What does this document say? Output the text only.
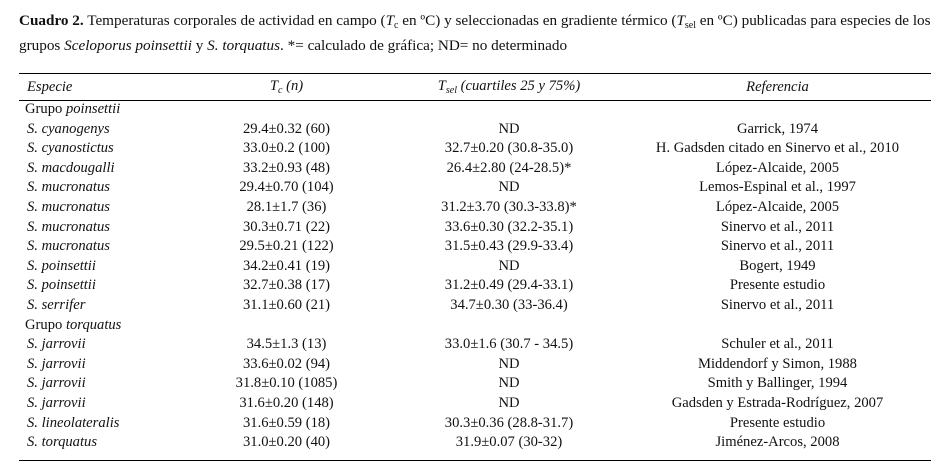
Cuadro 2. Temperaturas corporales de actividad en campo ($T_c$ en ºC) y seleccionadas en gradiente térmico ($T_{sel}$ en ºC) publicadas para especies de los grupos Sceloporus poinsettii y S. torquatus. *= calculado de gráfica; ND= no determinado
Especie	$T_c$ (n)	$T_{sel}$ (cuartiles 25 y 75%)	Referencia
Grupo poinsettii			
S. cyanogenys	29.4±0.32 (60)	ND	Garrick, 1974
S. cyanostictus	33.0±0.2 (100)	32.7±0.20 (30.8-35.0)	H. Gadsden citado en Sinervo et al., 2010
S. macdougalli	33.2±0.93 (48)	26.4±2.80 (24-28.5)*	López-Alcaide, 2005
S. mucronatus	29.4±0.70 (104)	ND	Lemos-Espinal et al., 1997
S. mucronatus	28.1±1.7 (36)	31.2±3.70 (30.3-33.8)*	López-Alcaide, 2005
S. mucronatus	30.3±0.71 (22)	33.6±0.30 (32.2-35.1)	Sinervo et al., 2011
S. mucronatus	29.5±0.21 (122)	31.5±0.43 (29.9-33.4)	Sinervo et al., 2011
S. poinsettii	34.2±0.41 (19)	ND	Bogert, 1949
S. poinsettii	32.7±0.38 (17)	31.2±0.49 (29.4-33.1)	Presente estudio
S. serrifer	31.1±0.60 (21)	34.7±0.30 (33-36.4)	Sinervo et al., 2011
Grupo torquatus			
S. jarrovii	34.5±1.3 (13)	33.0±1.6 (30.7 - 34.5)	Schuler et al., 2011
S. jarrovii	33.6±0.02 (94)	ND	Middendorf y Simon, 1988
S. jarrovii	31.8±0.10 (1085)	ND	Smith y Ballinger, 1994
S. jarrovii	31.6±0.20 (148)	ND	Gadsden y Estrada-Rodríguez, 2007
S. lineolateralis	31.6±0.59 (18)	30.3±0.36 (28.8-31.7)	Presente estudio
S. torquatus	31.0±0.20 (40)	31.9±0.07 (30-32)	Jiménez-Arcos, 2008
